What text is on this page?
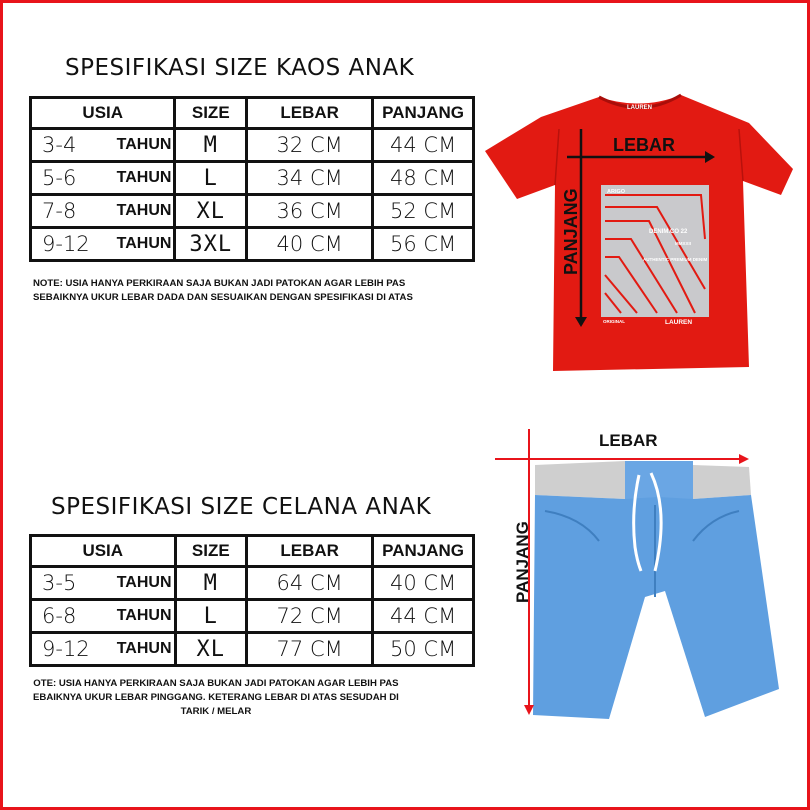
SPESIFIKASI SIZE KAOS ANAK
USIA	SIZE	LEBAR	PANJANG

3-4 TAHUN	M	32 CM	44 CM

5-6 TAHUN	L	34 CM	48 CM

7-8 TAHUN	XL	36 CM	52 CM

9-12 TAHUN	3XL	40 CM	56 CM
NOTE: USIA HANYA PERKIRAAN SAJA BUKAN JADI PATOKAN AGAR LEBIH PAS
SEBAIKNYA UKUR LEBAR DADA DAN SESUAIKAN DENGAN SPESIFIKASI DI ATAS
LEBAR
PANJANG
LAUREN
ARIGO
DENIM.CO 22
MMXXII
AUTHENTIC PREMIUM DENIM
ORIGINAL	LAUREN
SPESIFIKASI SIZE CELANA ANAK
USIA	SIZE	LEBAR	PANJANG

3-5 TAHUN	M	64 CM	40 CM

6-8 TAHUN	L	72 CM	44 CM

9-12 TAHUN	XL	77 CM	50 CM
OTE: USIA HANYA PERKIRAAN SAJA BUKAN JADI PATOKAN AGAR LEBIH PAS
EBAIKNYA UKUR LEBAR PINGGANG. KETERANG LEBAR DI ATAS SESUDAH DI
TARIK / MELAR
LEBAR
PANJANG
